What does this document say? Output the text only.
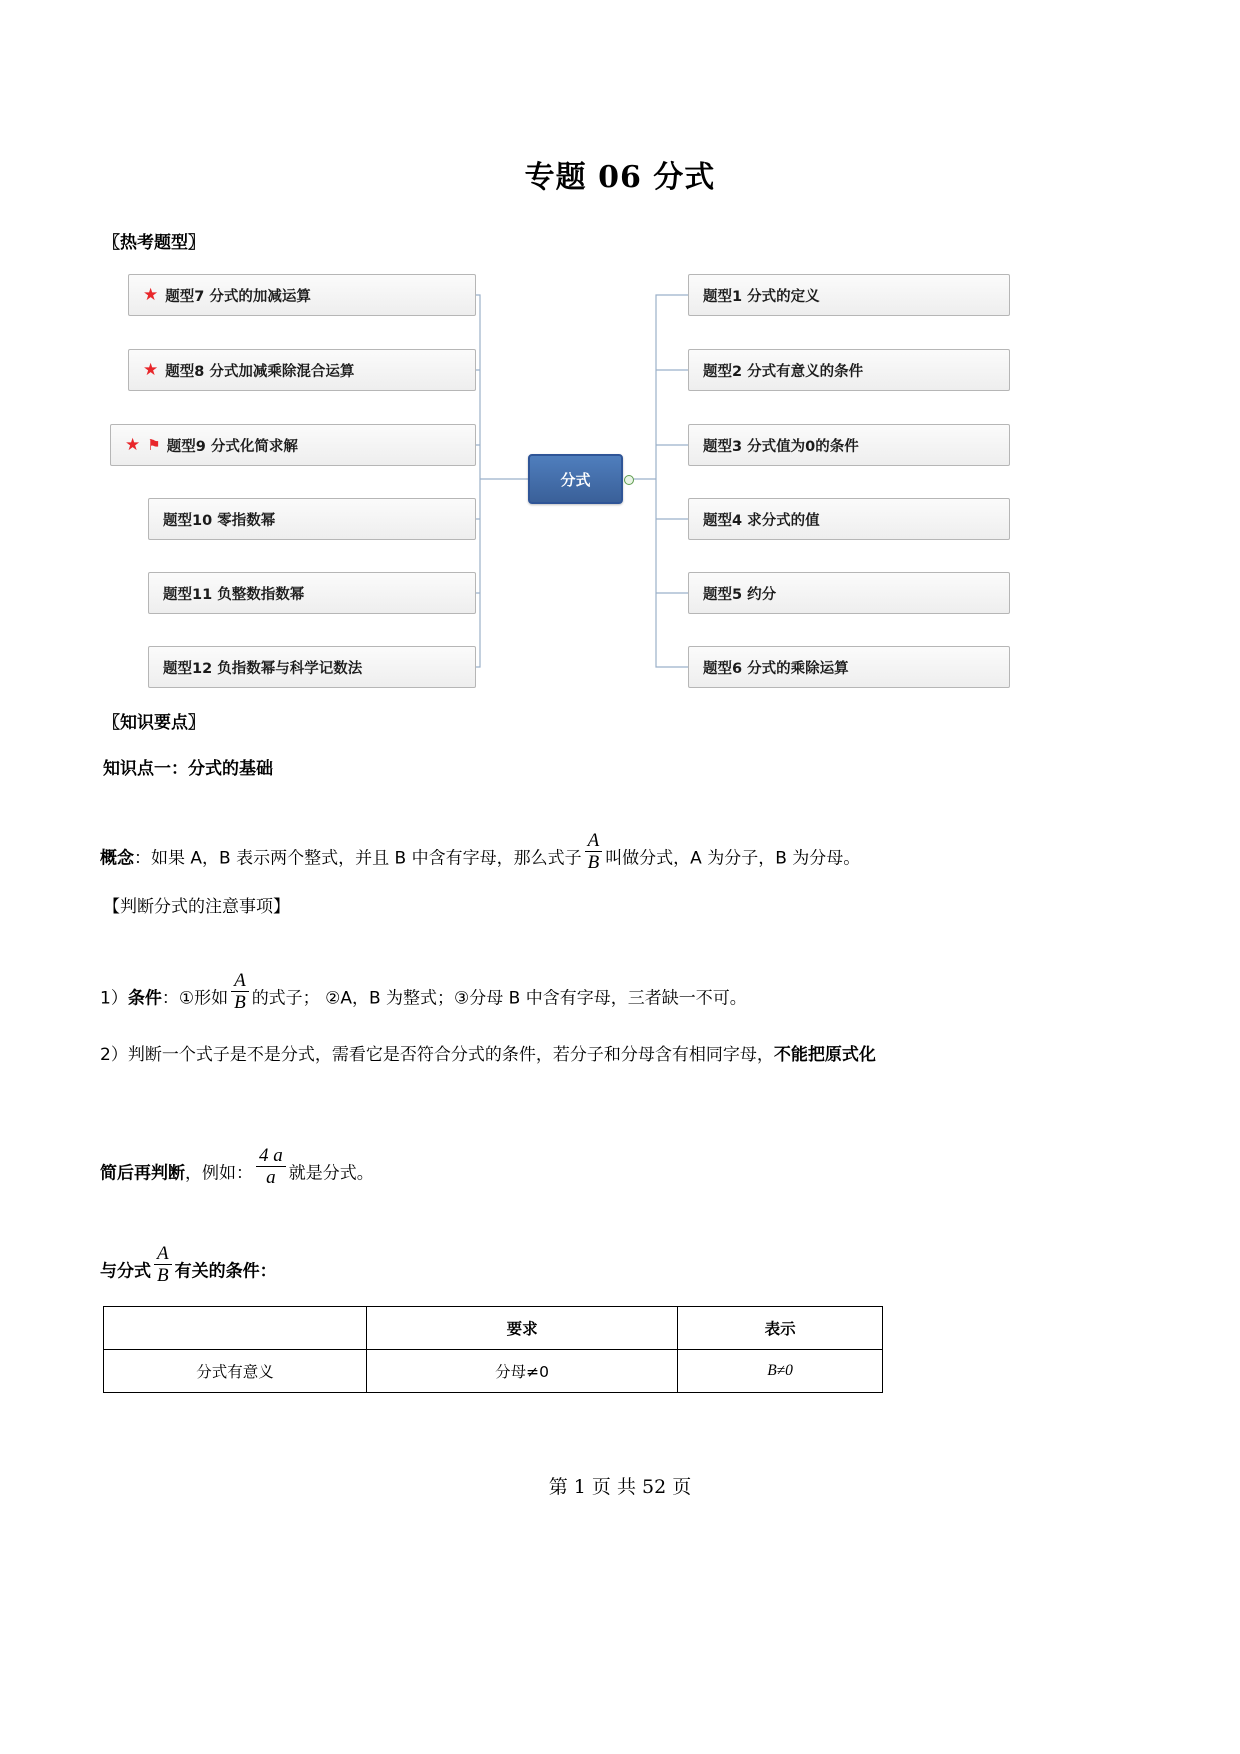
专题 06 分式
〖热考题型〗
★ 题型7 分式的加减运算
★ 题型8 分式加减乘除混合运算
★ ⚑ 题型9 分式化简求解
题型10 零指数幂
题型11 负整数指数幂
题型12 负指数幂与科学记数法
分式
题型1 分式的定义
题型2 分式有意义的条件
题型3 分式值为0的条件
题型4 求分式的值
题型5 约分
题型6 分式的乘除运算
〖知识要点〗
知识点一：分式的基础
概念：如果 A，B 表示两个整式，并且 B 中含有字母，那么式子 $\frac{A}{B}$ 叫做分式，A 为分子，B 为分母。
【判断分式的注意事项】
1）条件：①形如 $\frac{A}{B}$ 的式子； ②A，B 为整式；③分母 B 中含有字母，三者缺一不可。
2）判断一个式子是不是分式，需看它是否符合分式的条件，若分子和分母含有相同字母，不能把原式化
简后再判断，例如： $\frac{4 a}{a}$ 就是分式。
与分式 $\frac{A}{B}$ 有关的条件：
	要求	表示
分式有意义	分母≠0	B≠0
第 1 页 共 52 页
